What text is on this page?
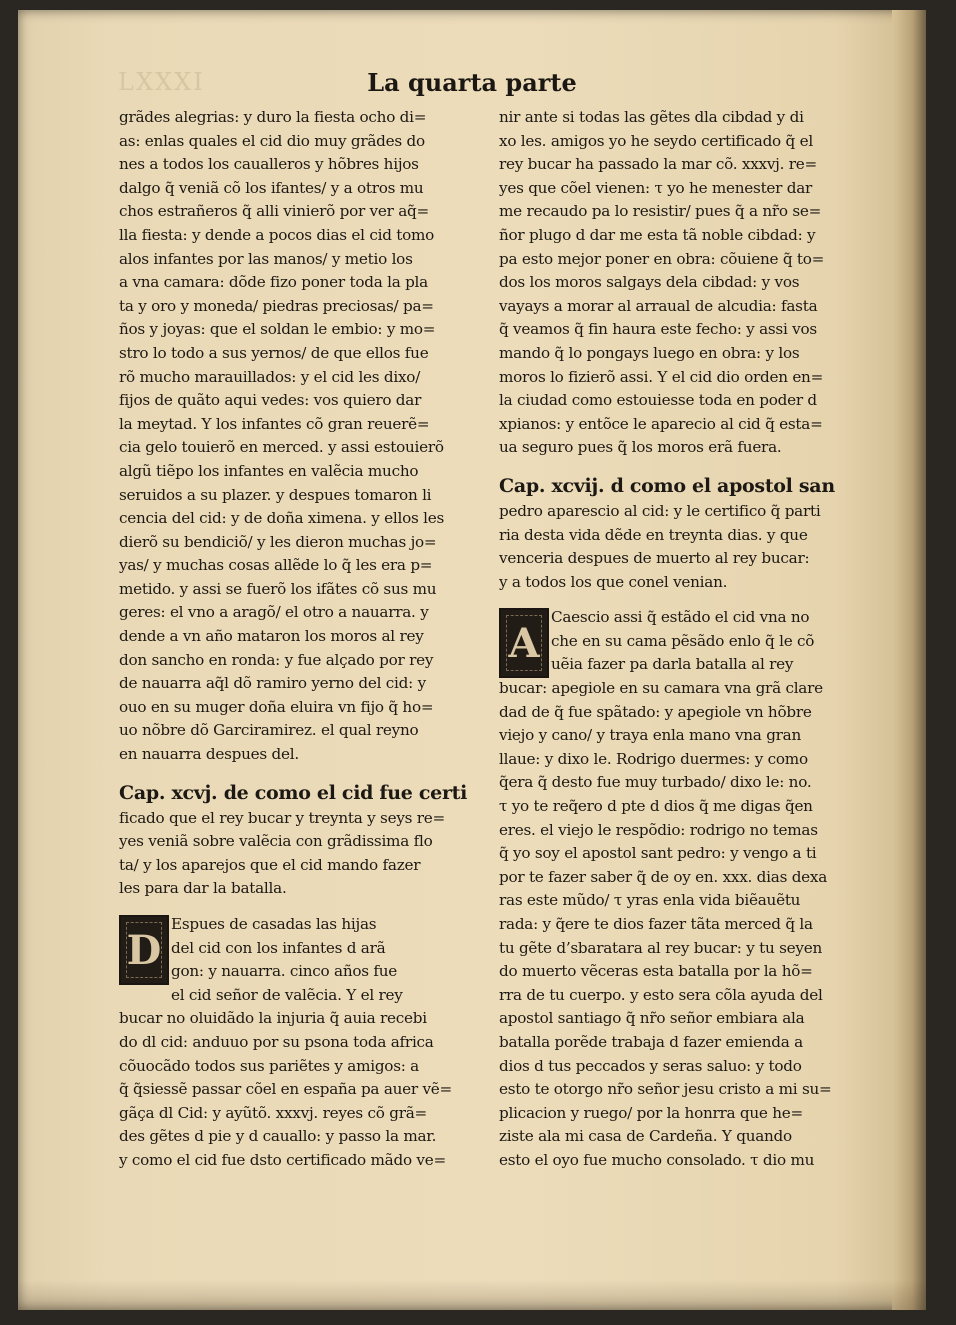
LXXXI	La quarta parte
grãdes alegrias: y duro la fiesta ocho di=
as: enlas quales el cid dio muy grãdes do
nes a todos los caualleros y hõbres hijos
dalgo q̃ veniã cõ los ifantes/ y a otros mu
chos estrañeros q̃ alli vinierõ por ver aq̃=
lla fiesta: y dende a pocos dias el cid tomo
alos infantes por las manos/ y metio los
a vna camara: dõde fizo poner toda la pla
ta y oro y moneda/ piedras preciosas/ pa=
ños y joyas: que el soldan le embio: y mo=
stro lo todo a sus yernos/ de que ellos fue
rõ mucho marauillados: y el cid les dixo/
fijos de quãto aqui vedes: vos quiero dar
la meytad. Y los infantes cõ gran reuerẽ=
cia gelo touierõ en merced. y assi estouierõ
algũ tiẽpo los infantes en valẽcia mucho
seruidos a su plazer. y despues tomaron li
cencia del cid: y de doña ximena. y ellos les
dierõ su bendiciõ/ y les dieron muchas jo=
yas/ y muchas cosas allẽde lo q̃ les era p=
metido. y assi se fuerõ los ifãtes cõ sus mu
geres: el vno a aragõ/ el otro a nauarra. y
dende a vn año mataron los moros al rey
don sancho en ronda: y fue alçado por rey
de nauarra aq̃l dõ ramiro yerno del cid: y
ouo en su muger doña eluira vn fijo q̃ ho=
uo nõbre dõ Garciramirez. el qual reyno
en nauarra despues del.
Cap. xcvj. de como el cid fue certi
ficado que el rey bucar y treynta y seys re=
yes veniã sobre valẽcia con grãdissima flo
ta/ y los aparejos que el cid mando fazer
les para dar la batalla.
D
Espues de casadas las hijas
del cid con los infantes d arã
gon: y nauarra. cinco años fue
el cid señor de valẽcia. Y el rey
bucar no oluidãdo la injuria q̃ auia recebi
do dl cid: anduuo por su psona toda africa
cõuocãdo todos sus pariẽtes y amigos: a
q̃ q̃siessẽ passar cõel en españa pa auer vẽ=
gãça dl Cid: y ayũtõ. xxxvj. reyes cõ grã=
des gẽtes d pie y d cauallo: y passo la mar.
y como el cid fue dsto certificado mãdo ve=
nir ante si todas las gẽtes dla cibdad y di
xo les. amigos yo he seydo certificado q̃ el
rey bucar ha passado la mar cõ. xxxvj. re=
yes que cõel vienen: τ yo he menester dar
me recaudo pa lo resistir/ pues q̃ a nr̃o se=
ñor plugo d dar me esta tã noble cibdad: y
pa esto mejor poner en obra: cõuiene q̃ to=
dos los moros salgays dela cibdad: y vos
vayays a morar al arraual de alcudia: fasta
q̃ veamos q̃ fin haura este fecho: y assi vos
mando q̃ lo pongays luego en obra: y los
moros lo fizierõ assi. Y el cid dio orden en=
la ciudad como estouiesse toda en poder d
xpianos: y entõce le aparecio al cid q̃ esta=
ua seguro pues q̃ los moros erã fuera.
Cap. xcvij. d como el apostol san
pedro aparescio al cid: y le certifico q̃ parti
ria desta vida dẽde en treynta dias. y que
venceria despues de muerto al rey bucar:
y a todos los que conel venian.
A
Caescio assi q̃ estãdo el cid vna no
che en su cama pẽsãdo enlo q̃ le cõ
uẽia fazer pa darla batalla al rey
bucar: apegiole en su camara vna grã clare
dad de q̃ fue spãtado: y apegiole vn hõbre
viejo y cano/ y traya enla mano vna gran
llaue: y dixo le. Rodrigo duermes: y como
q̃era q̃ desto fue muy turbado/ dixo le: no.
τ yo te req̃ero d pte d dios q̃ me digas q̃en
eres. el viejo le respõdio: rodrigo no temas
q̃ yo soy el apostol sant pedro: y vengo a ti
por te fazer saber q̃ de oy en. xxx. dias dexa
ras este mũdo/ τ yras enla vida biẽauẽtu
rada: y q̃ere te dios fazer tãta merced q̃ la
tu gẽte d’sbaratara al rey bucar: y tu seyen
do muerto vẽceras esta batalla por la hõ=
rra de tu cuerpo. y esto sera cõla ayuda del
apostol santiago q̃ nr̃o señor embiara ala
batalla porẽde trabaja d fazer emienda a
dios d tus peccados y seras saluo: y todo
esto te otorgo nr̃o señor jesu cristo a mi su=
plicacion y ruego/ por la honrra que he=
ziste ala mi casa de Cardeña. Y quando
esto el oyo fue mucho consolado. τ dio mu
